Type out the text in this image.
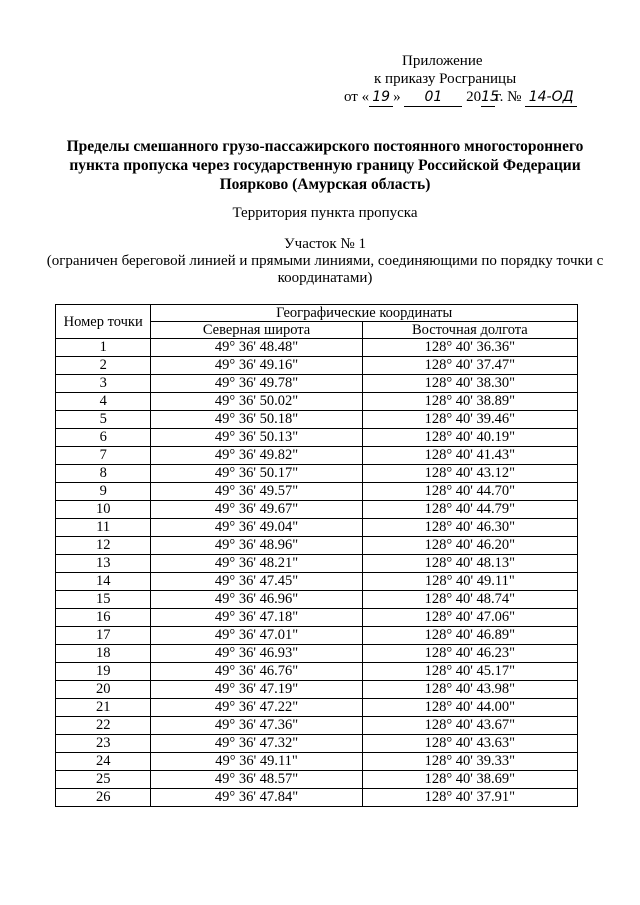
Приложение
к приказу Росграницы
от « 19 » 01 2015г. № 14-ОД
Пределы смешанного грузо-пассажирского постоянного многостороннего пункта пропуска через государственную границу Российской Федерации Поярково (Амурская область)
Территория пункта пропуска
Участок № 1
(ограничен береговой линией и прямыми линиями, соединяющими по порядку точки с координатами)
Номер точки	Географические координаты	
	Северная широта	Восточная долгота
1	49° 36' 48.48"	128° 40' 36.36"
2	49° 36' 49.16"	128° 40' 37.47"
3	49° 36' 49.78"	128° 40' 38.30"
4	49° 36' 50.02"	128° 40' 38.89"
5	49° 36' 50.18"	128° 40' 39.46"
6	49° 36' 50.13"	128° 40' 40.19"
7	49° 36' 49.82"	128° 40' 41.43"
8	49° 36' 50.17"	128° 40' 43.12"
9	49° 36' 49.57"	128° 40' 44.70"
10	49° 36' 49.67"	128° 40' 44.79"
11	49° 36' 49.04"	128° 40' 46.30"
12	49° 36' 48.96"	128° 40' 46.20"
13	49° 36' 48.21"	128° 40' 48.13"
14	49° 36' 47.45"	128° 40' 49.11"
15	49° 36' 46.96"	128° 40' 48.74"
16	49° 36' 47.18"	128° 40' 47.06"
17	49° 36' 47.01"	128° 40' 46.89"
18	49° 36' 46.93"	128° 40' 46.23"
19	49° 36' 46.76"	128° 40' 45.17"
20	49° 36' 47.19"	128° 40' 43.98"
21	49° 36' 47.22"	128° 40' 44.00"
22	49° 36' 47.36"	128° 40' 43.67"
23	49° 36' 47.32"	128° 40' 43.63"
24	49° 36' 49.11"	128° 40' 39.33"
25	49° 36' 48.57"	128° 40' 38.69"
26	49° 36' 47.84"	128° 40' 37.91"
